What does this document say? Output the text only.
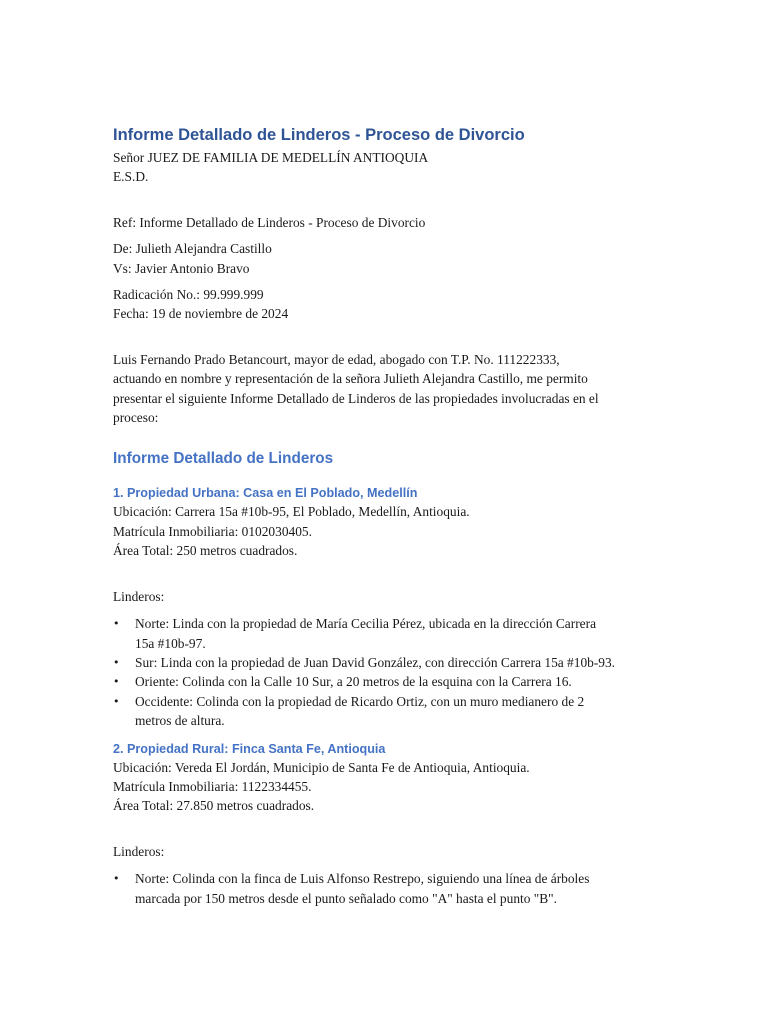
Informe Detallado de Linderos - Proceso de Divorcio

Señor JUEZ DE FAMILIA DE MEDELLÍN ANTIOQUIA
E.S.D.

Ref: Informe Detallado de Linderos - Proceso de Divorcio

De: Julieth Alejandra Castillo
Vs: Javier Antonio Bravo

Radicación No.: 99.999.999
Fecha: 19 de noviembre de 2024

Luis Fernando Prado Betancourt, mayor de edad, abogado con T.P. No. 111222333,
actuando en nombre y representación de la señora Julieth Alejandra Castillo, me permito
presentar el siguiente Informe Detallado de Linderos de las propiedades involucradas en el
proceso:

Informe Detallado de Linderos
1. Propiedad Urbana: Casa en El Poblado, Medellín

Ubicación: Carrera 15a #10b-95, El Poblado, Medellín, Antioquia.
Matrícula Inmobiliaria: 0102030405.
Área Total: 250 metros cuadrados.

Linderos:

• Norte: Linda con la propiedad de María Cecilia Pérez, ubicada en la dirección Carrera
15a #10b-97.
• Sur: Linda con la propiedad de Juan David González, con dirección Carrera 15a #10b-93.
• Oriente: Colinda con la Calle 10 Sur, a 20 metros de la esquina con la Carrera 16.
• Occidente: Colinda con la propiedad de Ricardo Ortiz, con un muro medianero de 2
metros de altura.
2. Propiedad Rural: Finca Santa Fe, Antioquia

Ubicación: Vereda El Jordán, Municipio de Santa Fe de Antioquia, Antioquia.
Matrícula Inmobiliaria: 1122334455.
Área Total: 27.850 metros cuadrados.

Linderos:

• Norte: Colinda con la finca de Luis Alfonso Restrepo, siguiendo una línea de árboles
marcada por 150 metros desde el punto señalado como "A" hasta el punto "B".
